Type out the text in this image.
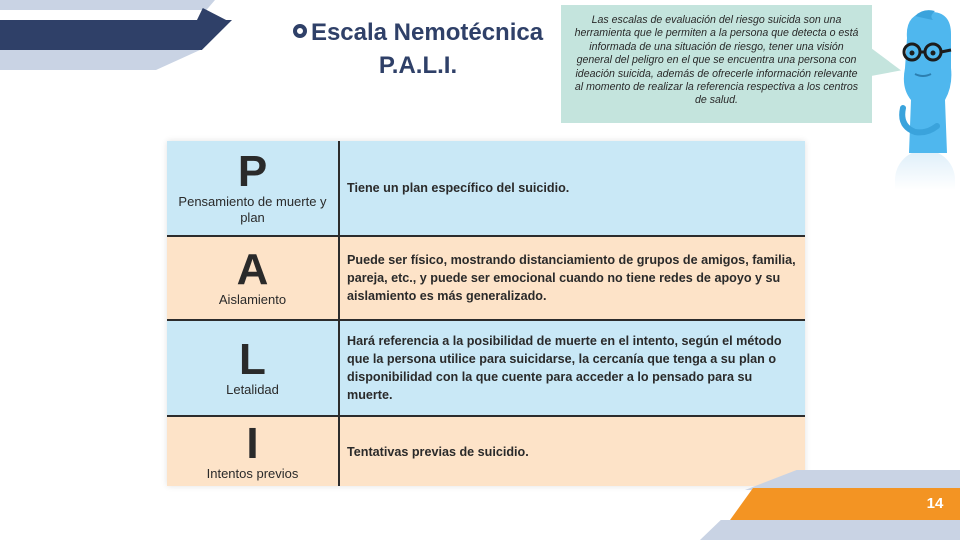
Escala Nemotécnica
P.A.L.I.

Las escalas de evaluación del riesgo suicida son una herramienta que le permiten a la persona que detecta o está informada de una situación de riesgo, tener una visión general del peligro en el que se encuentra una persona con ideación suicida, además de ofrecerle información relevante al momento de realizar la referencia respectiva a los centros de salud.

P
Pensamiento de muerte y plan

Tiene un plan específico del suicidio.

A
Aislamiento

Puede ser físico, mostrando distanciamiento de grupos de amigos, familia, pareja, etc., y puede ser emocional cuando no tiene redes de apoyo y su aislamiento es más generalizado.

L
Letalidad

Hará referencia a la posibilidad de muerte en el intento, según el método que la persona utilice para suicidarse, la cercanía que tenga a su plan o disponibilidad con la que cuente para acceder a lo pensado para su muerte.

I
Intentos previos

Tentativas previas de suicidio.

14
